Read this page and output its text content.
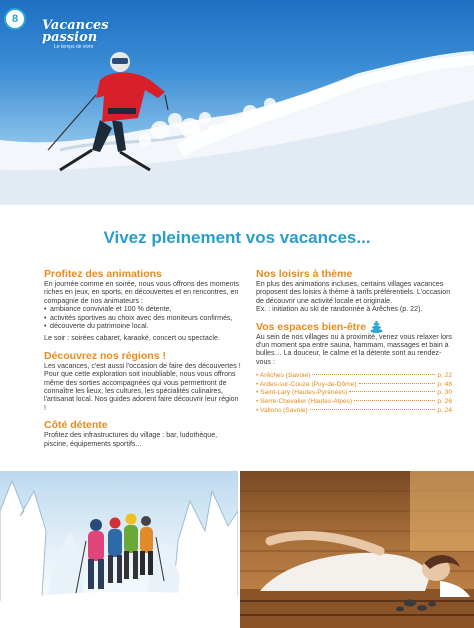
8	Vacances passion
Le temps de vivre
Vivez pleinement vos vacances...
Profitez des animations

En journée comme en soirée, nous vous offrons des moments riches en jeux, en sports, en découvertes et en rencontres, en compagnie de nos animateurs :

• ambiance conviviale et 100 % détente,

• activités sportives au choix avec des moniteurs confirmés,

• découverte du patrimoine local.

Le soir : soirées cabaret, karaoké, concert ou spectacle.

Découvrez nos régions !

Les vacances, c'est aussi l'occasion de faire des découvertes ! Pour que cette exploration soit inoubliable, nous vous offrons même des sorties accompagnées qui vous permettront de connaître les lieux, les cultures, les spécialités culinaires, l'artisanat local. Nos guides adorent faire découvrir leur région !

Côté détente

Profitez des infrastructures du village : bar, ludothèque, piscine, équipements sportifs...

Nos loisirs à thème

En plus des animations incluses, certains villages vacances proposent des loisirs à thème à tarifs préférentiels. L'occasion de découvrir une activité locale et originale.

Ex. : initiation au ski de randonnée à Arêches (p. 22).

Vos espaces bien-être

Au sein de nos villages ou à proximité, venez vous relaxer lors d'un moment spa entre sauna, hammam, massages et bain à bulles… La douceur, le calme et la détente sont au rendez-vous :

• Arêches (Savoie)	p. 22
• Ardes-sur-Couze (Puy-de-Dôme)	p. 48
• Saint-Lary (Hautes-Pyrénées)	p. 30
• Serre-Chevalier (Hautes-Alpes)	p. 26
• Vallons (Savoie)	p. 24
